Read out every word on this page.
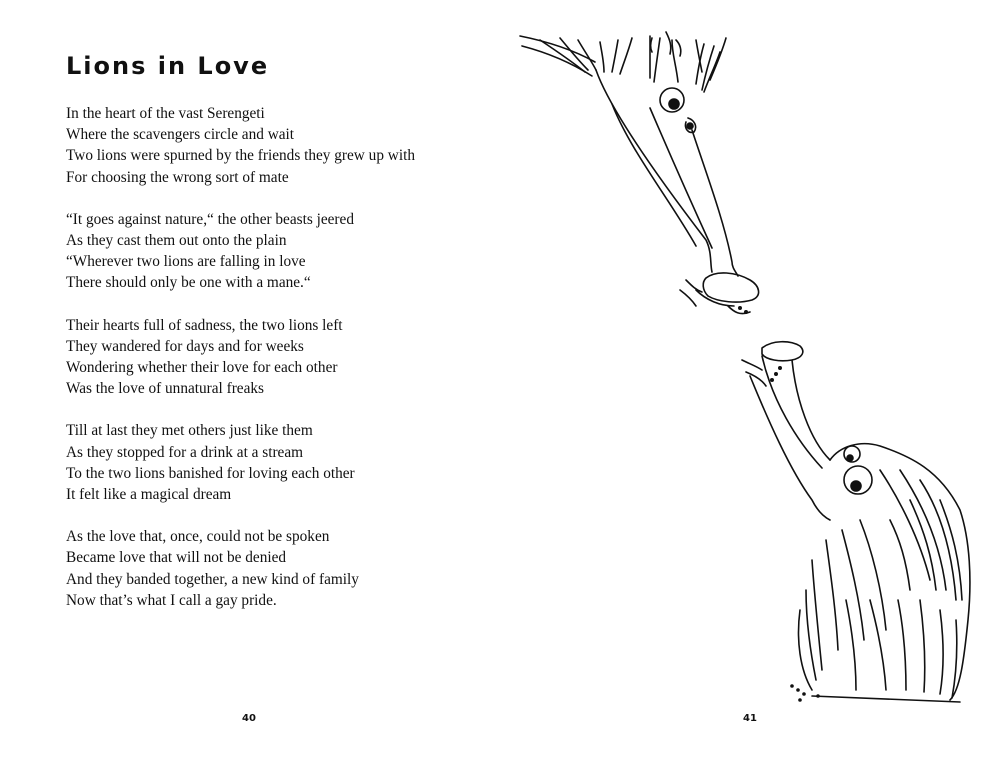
Lions in Love
In the heart of the vast Serengeti
Where the scavengers circle and wait
Two lions were spurned by the friends they grew up with
For choosing the wrong sort of mate
“It goes against nature,“ the other beasts jeered
As they cast them out onto the plain
“Wherever two lions are falling in love
There should only be one with a mane.“
Their hearts full of sadness, the two lions left
They wandered for days and for weeks
Wondering whether their love for each other
Was the love of unnatural freaks
Till at last they met others just like them
As they stopped for a drink at a stream
To the two lions banished for loving each other
It felt like a magical dream
As the love that, once, could not be spoken
Became love that will not be denied
And they banded together, a new kind of family
Now that’s what I call a gay pride.
40	41
